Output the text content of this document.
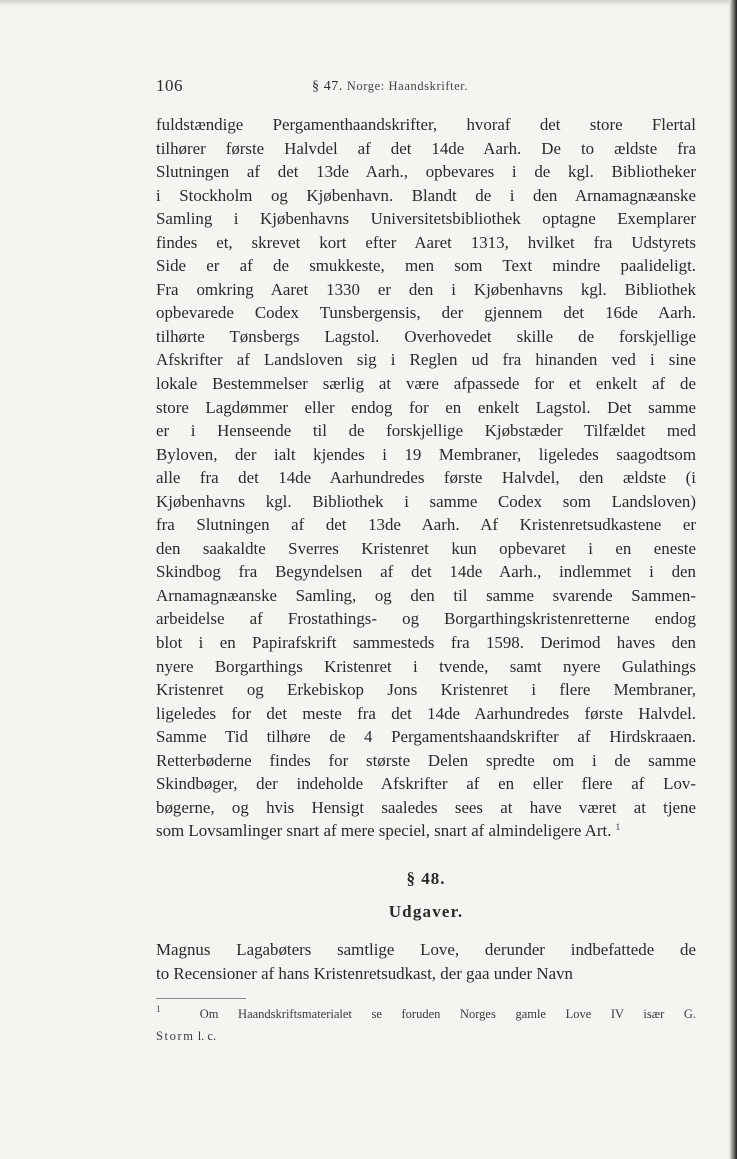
106	§ 47. Norge: Haandskrifter.
fuldstændige Pergamenthaandskrifter, hvoraf det store Flertal
tilhører første Halvdel af det 14de Aarh. De to ældste fra
Slutningen af det 13de Aarh., opbevares i de kgl. Bibliotheker
i Stockholm og Kjøbenhavn. Blandt de i den Arnamagnæanske
Samling i Kjøbenhavns Universitetsbibliothek optagne Exemplarer
findes et, skrevet kort efter Aaret 1313, hvilket fra Udstyrets
Side er af de smukkeste, men som Text mindre paalideligt.
Fra omkring Aaret 1330 er den i Kjøbenhavns kgl. Bibliothek
opbevarede Codex Tunsbergensis, der gjennem det 16de Aarh.
tilhørte Tønsbergs Lagstol. Overhovedet skille de forskjellige
Afskrifter af Landsloven sig i Reglen ud fra hinanden ved i sine
lokale Bestemmelser særlig at være afpassede for et enkelt af de
store Lagdømmer eller endog for en enkelt Lagstol. Det samme
er i Henseende til de forskjellige Kjøbstæder Tilfældet med
Byloven, der ialt kjendes i 19 Membraner, ligeledes saagodtsom
alle fra det 14de Aarhundredes første Halvdel, den ældste (i
Kjøbenhavns kgl. Bibliothek i samme Codex som Landsloven)
fra Slutningen af det 13de Aarh. Af Kristenretsudkastene er
den saakaldte Sverres Kristenret kun opbevaret i en eneste
Skindbog fra Begyndelsen af det 14de Aarh., indlemmet i den
Arnamagnæanske Samling, og den til samme svarende Sammen-
arbeidelse af Frostathings- og Borgarthingskristenretterne endog
blot i en Papirafskrift sammesteds fra 1598. Derimod haves den
nyere Borgarthings Kristenret i tvende, samt nyere Gulathings
Kristenret og Erkebiskop Jons Kristenret i flere Membraner,
ligeledes for det meste fra det 14de Aarhundredes første Halvdel.
Samme Tid tilhøre de 4 Pergamentshaandskrifter af Hirdskraaen.
Retterbøderne findes for største Delen spredte om i de samme
Skindbøger, der indeholde Afskrifter af en eller flere af Lov-
bøgerne, og hvis Hensigt saaledes sees at have været at tjene
som Lovsamlinger snart af mere speciel, snart af almindeligere Art. $^1$
§ 48.
Udgaver.
Magnus Lagabøters samtlige Love, derunder indbefattede de
to Recensioner af hans Kristenretsudkast, der gaa under Navn
$^1$	Om Haandskriftsmaterialet se foruden Norges gamle Love IV især G.
Storm l. c.
